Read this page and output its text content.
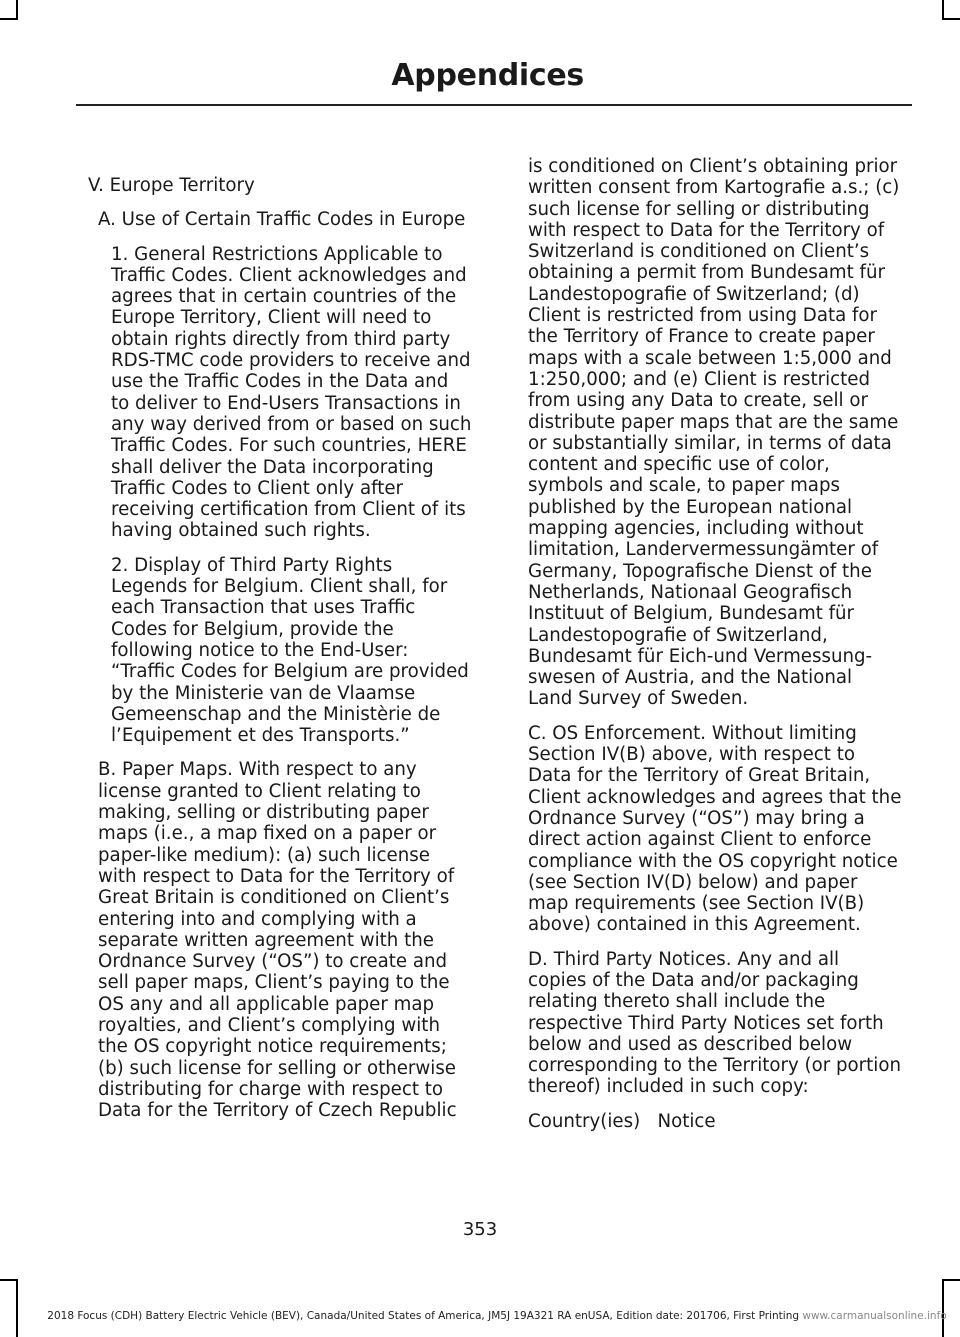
Appendices

V. Europe Territory

A. Use of Certain Traffic Codes in Europe

1. General Restrictions Applicable to Traffic Codes. Client acknowledges and agrees that in certain countries of the Europe Territory, Client will need to obtain rights directly from third party RDS-TMC code providers to receive and use the Traffic Codes in the Data and to deliver to End-Users Transactions in any way derived from or based on such Traffic Codes. For such countries, HERE shall deliver the Data incorporating Traffic Codes to Client only after receiving certification from Client of its having obtained such rights.

2. Display of Third Party Rights Legends for Belgium. Client shall, for each Transaction that uses Traffic Codes for Belgium, provide the following notice to the End-User: “Traffic Codes for Belgium are provided by the Ministerie van de Vlaamse Gemeenschap and the Ministèrie de l’Equipement et des Transports.”

B. Paper Maps. With respect to any license granted to Client relating to making, selling or distributing paper maps (i.e., a map fixed on a paper or paper-like medium): (a) such license with respect to Data for the Territory of Great Britain is conditioned on Client’s entering into and complying with a separate written agreement with the Ordnance Survey (“OS”) to create and sell paper maps, Client’s paying to the OS any and all applicable paper map royalties, and Client’s complying with the OS copyright notice requirements; (b) such license for selling or otherwise distributing for charge with respect to Data for the Territory of Czech Republic

is conditioned on Client’s obtaining prior written consent from Kartografie a.s.; (c) such license for selling or distributing with respect to Data for the Territory of Switzerland is conditioned on Client’s obtaining a permit from Bundesamt für Landestopografie of Switzerland; (d) Client is restricted from using Data for the Territory of France to create paper maps with a scale between 1:5,000 and 1:250,000; and (e) Client is restricted from using any Data to create, sell or distribute paper maps that are the same or substantially similar, in terms of data content and specific use of color, symbols and scale, to paper maps published by the European national mapping agencies, including without limitation, Landervermessungämter of Germany, Topografische Dienst of the Netherlands, Nationaal Geografisch Instituut of Belgium, Bundesamt für Landestopografie of Switzerland, Bundesamt für Eich-und Vermessung-swesen of Austria, and the National Land Survey of Sweden.

C. OS Enforcement. Without limiting Section IV(B) above, with respect to Data for the Territory of Great Britain, Client acknowledges and agrees that the Ordnance Survey (“OS”) may bring a direct action against Client to enforce compliance with the OS copyright notice (see Section IV(D) below) and paper map requirements (see Section IV(B) above) contained in this Agreement.

D. Third Party Notices. Any and all copies of the Data and/or packaging relating thereto shall include the respective Third Party Notices set forth below and used as described below corresponding to the Territory (or portion thereof) included in such copy:

Country(ies)   Notice

353
2018 Focus (CDH) Battery Electric Vehicle (BEV), Canada/United States of America, JM5J 19A321 RA enUSA, Edition date: 201706, First Printing www.carmanualsonline.info
